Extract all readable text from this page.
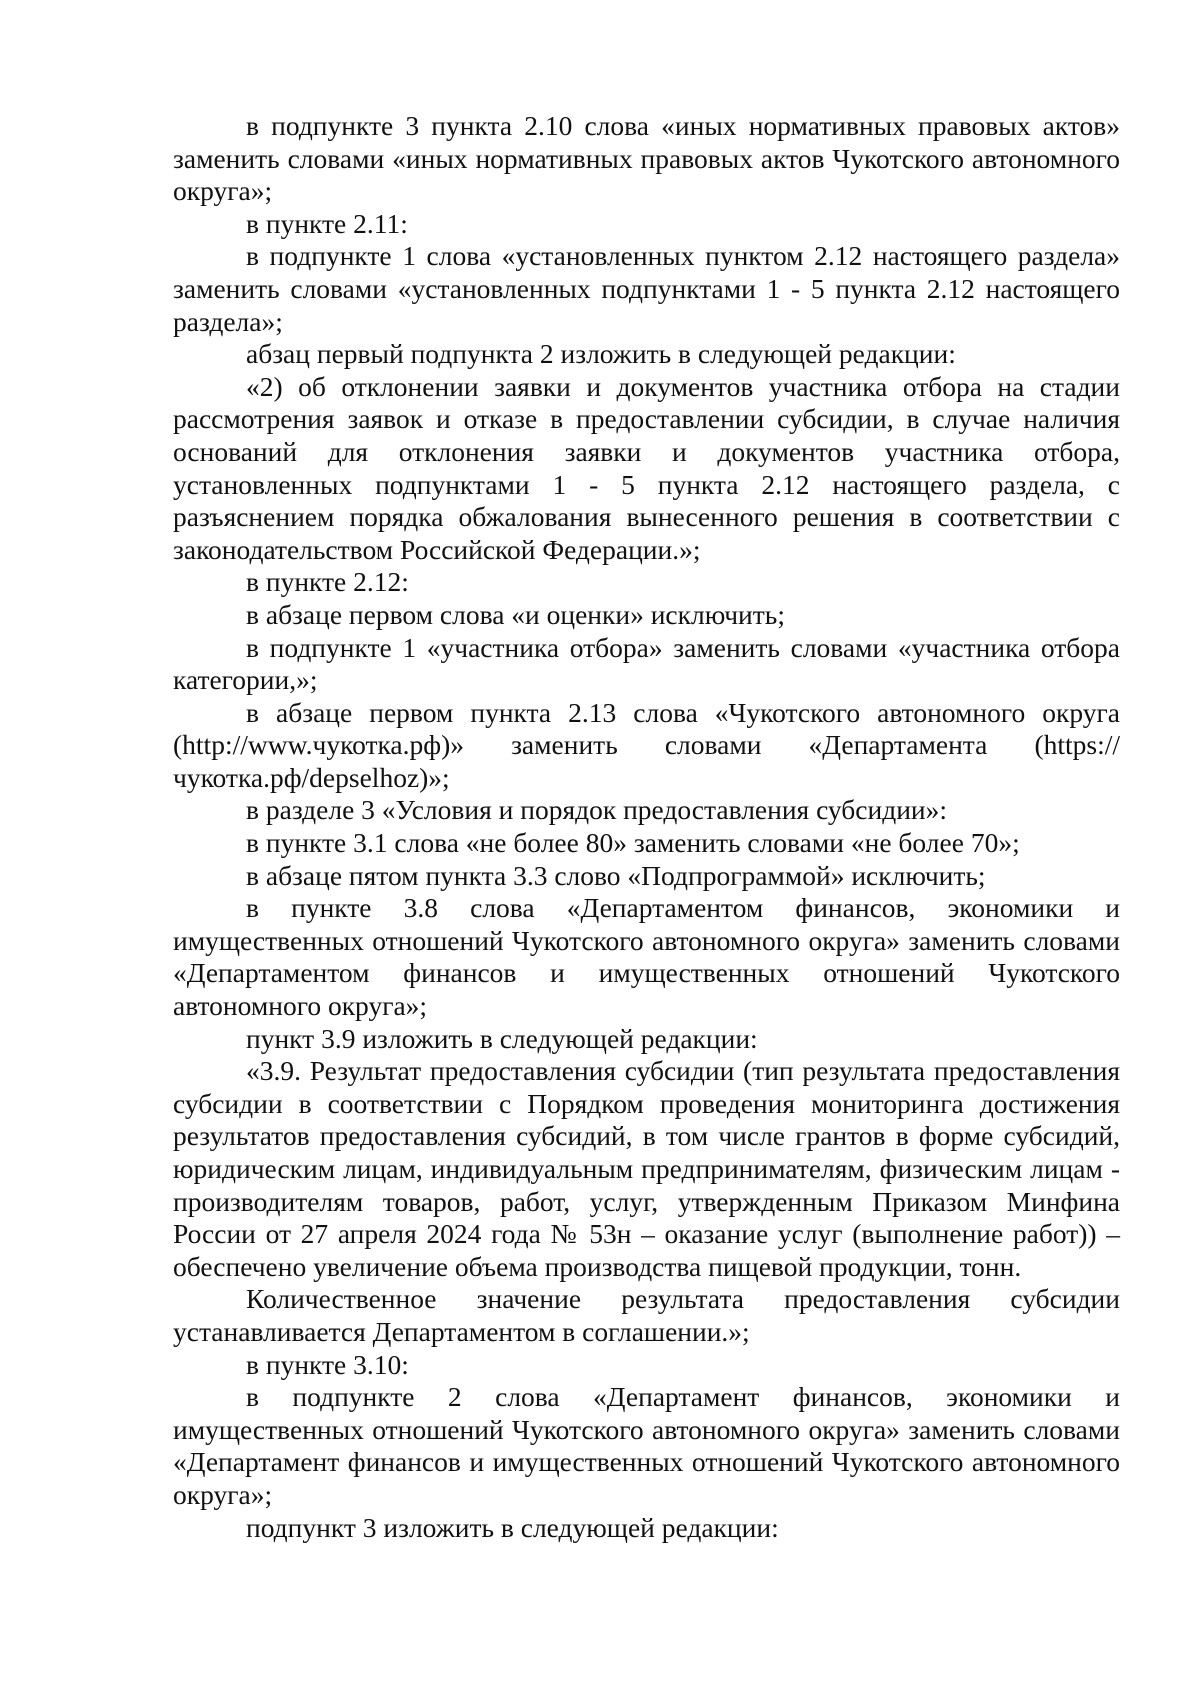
в подпункте 3 пункта 2.10 слова «иных нормативных правовых актов» заменить словами «иных нормативных правовых актов Чукотского автономного округа»;

в пункте 2.11:

в подпункте 1 слова «установленных пунктом 2.12 настоящего раздела» заменить словами «установленных подпунктами 1 - 5 пункта 2.12 настоящего раздела»;

абзац первый подпункта 2 изложить в следующей редакции:

«2) об отклонении заявки и документов участника отбора на стадии рассмотрения заявок и отказе в предоставлении субсидии, в случае наличия оснований для отклонения заявки и документов участника отбора, установленных подпунктами 1 - 5 пункта 2.12 настоящего раздела, с разъяснением порядка обжалования вынесенного решения в соответствии с законодательством Российской Федерации.»;

в пункте 2.12:

в абзаце первом слова «и оценки» исключить;

в подпункте 1 «участника отбора» заменить словами «участника отбора категории,»;

в абзаце первом пункта 2.13 слова «Чукотского автономного округа (http://www.чукотка.рф)» заменить словами «Департамента (https://чукотка.рф/depselhoz)»;

в разделе 3 «Условия и порядок предоставления субсидии»:

в пункте 3.1 слова «не более 80» заменить словами «не более 70»;

в абзаце пятом пункта 3.3 слово «Подпрограммой» исключить;

в пункте 3.8 слова «Департаментом финансов, экономики и имущественных отношений Чукотского автономного округа» заменить словами «Департаментом финансов и имущественных отношений Чукотского автономного округа»;

пункт 3.9 изложить в следующей редакции:

«3.9. Результат предоставления субсидии (тип результата предоставления субсидии в соответствии с Порядком проведения мониторинга достижения результатов предоставления субсидий, в том числе грантов в форме субсидий, юридическим лицам, индивидуальным предпринимателям, физическим лицам - производителям товаров, работ, услуг, утвержденным Приказом Минфина России от 27 апреля 2024 года № 53н – оказание услуг (выполнение работ)) – обеспечено увеличение объема производства пищевой продукции, тонн.

Количественное значение результата предоставления субсидии устанавливается Департаментом в соглашении.»;

в пункте 3.10:

в подпункте 2 слова «Департамент финансов, экономики и имущественных отношений Чукотского автономного округа» заменить словами «Департамент финансов и имущественных отношений Чукотского автономного округа»;

подпункт 3 изложить в следующей редакции:
